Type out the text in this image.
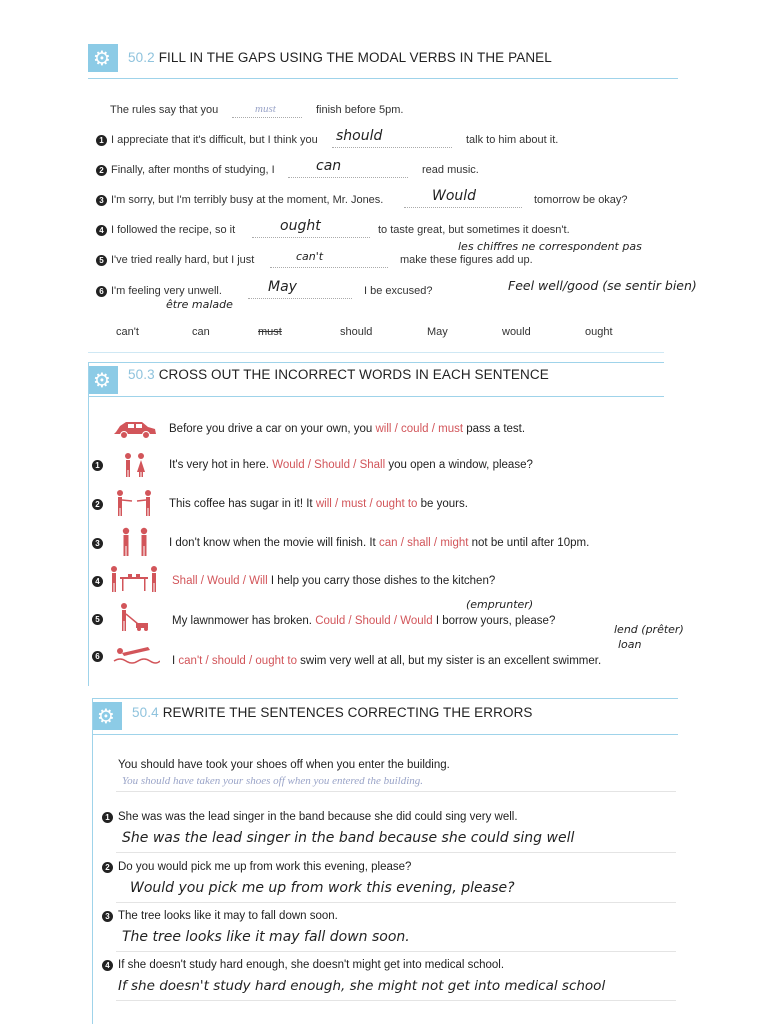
⚙
50.2 FILL IN THE GAPS USING THE MODAL VERBS IN THE PANEL
The rules say that you	must	finish before 5pm.
1 I appreciate that it's difficult, but I think you should	talk to him about it.
2 Finally, after months of studying, I	can	read music.
3 I'm sorry, but I'm terribly busy at the moment, Mr. Jones.	Would	tomorrow be okay?
4 I followed the recipe, so it	ought	to taste great, but sometimes it doesn't.
les chiffres ne correspondent pas
5 I've tried really hard, but I just	can't	make these figures add up.
6 I'm feeling very unwell.	May	I be excused?	Feel well/good (se sentir bien)
être malade
can't	can	must	should	May	would	ought
⚙
50.3 CROSS OUT THE INCORRECT WORDS IN EACH SENTENCE
Before you drive a car on your own, you will / could / must pass a test.
1	It's very hot in here. Would / Should / Shall you open a window, please?
2	This coffee has sugar in it! It will / must / ought to be yours.
3	I don't know when the movie will finish. It can / shall / might not be until after 10pm.
4	Shall / Would / Will I help you carry those dishes to the kitchen?
(emprunter)
5	My lawnmower has broken. Could / Should / Would I borrow yours, please?
lend (prêter)
loan
6	I can't / should / ought to swim very well at all, but my sister is an excellent swimmer.
⚙
50.4 REWRITE THE SENTENCES CORRECTING THE ERRORS
You should have took your shoes off when you enter the building.
You should have taken your shoes off when you entered the building.
1 She was was the lead singer in the band because she did could sing very well.
She was the lead singer in the band because she could sing well
2 Do you would pick me up from work this evening, please?
Would you pick me up from work this evening, please?
3 The tree looks like it may to fall down soon.
The tree looks like it may fall down soon.
4 If she doesn't study hard enough, she doesn't might get into medical school.
If she doesn't study hard enough, she might not get into medical school
